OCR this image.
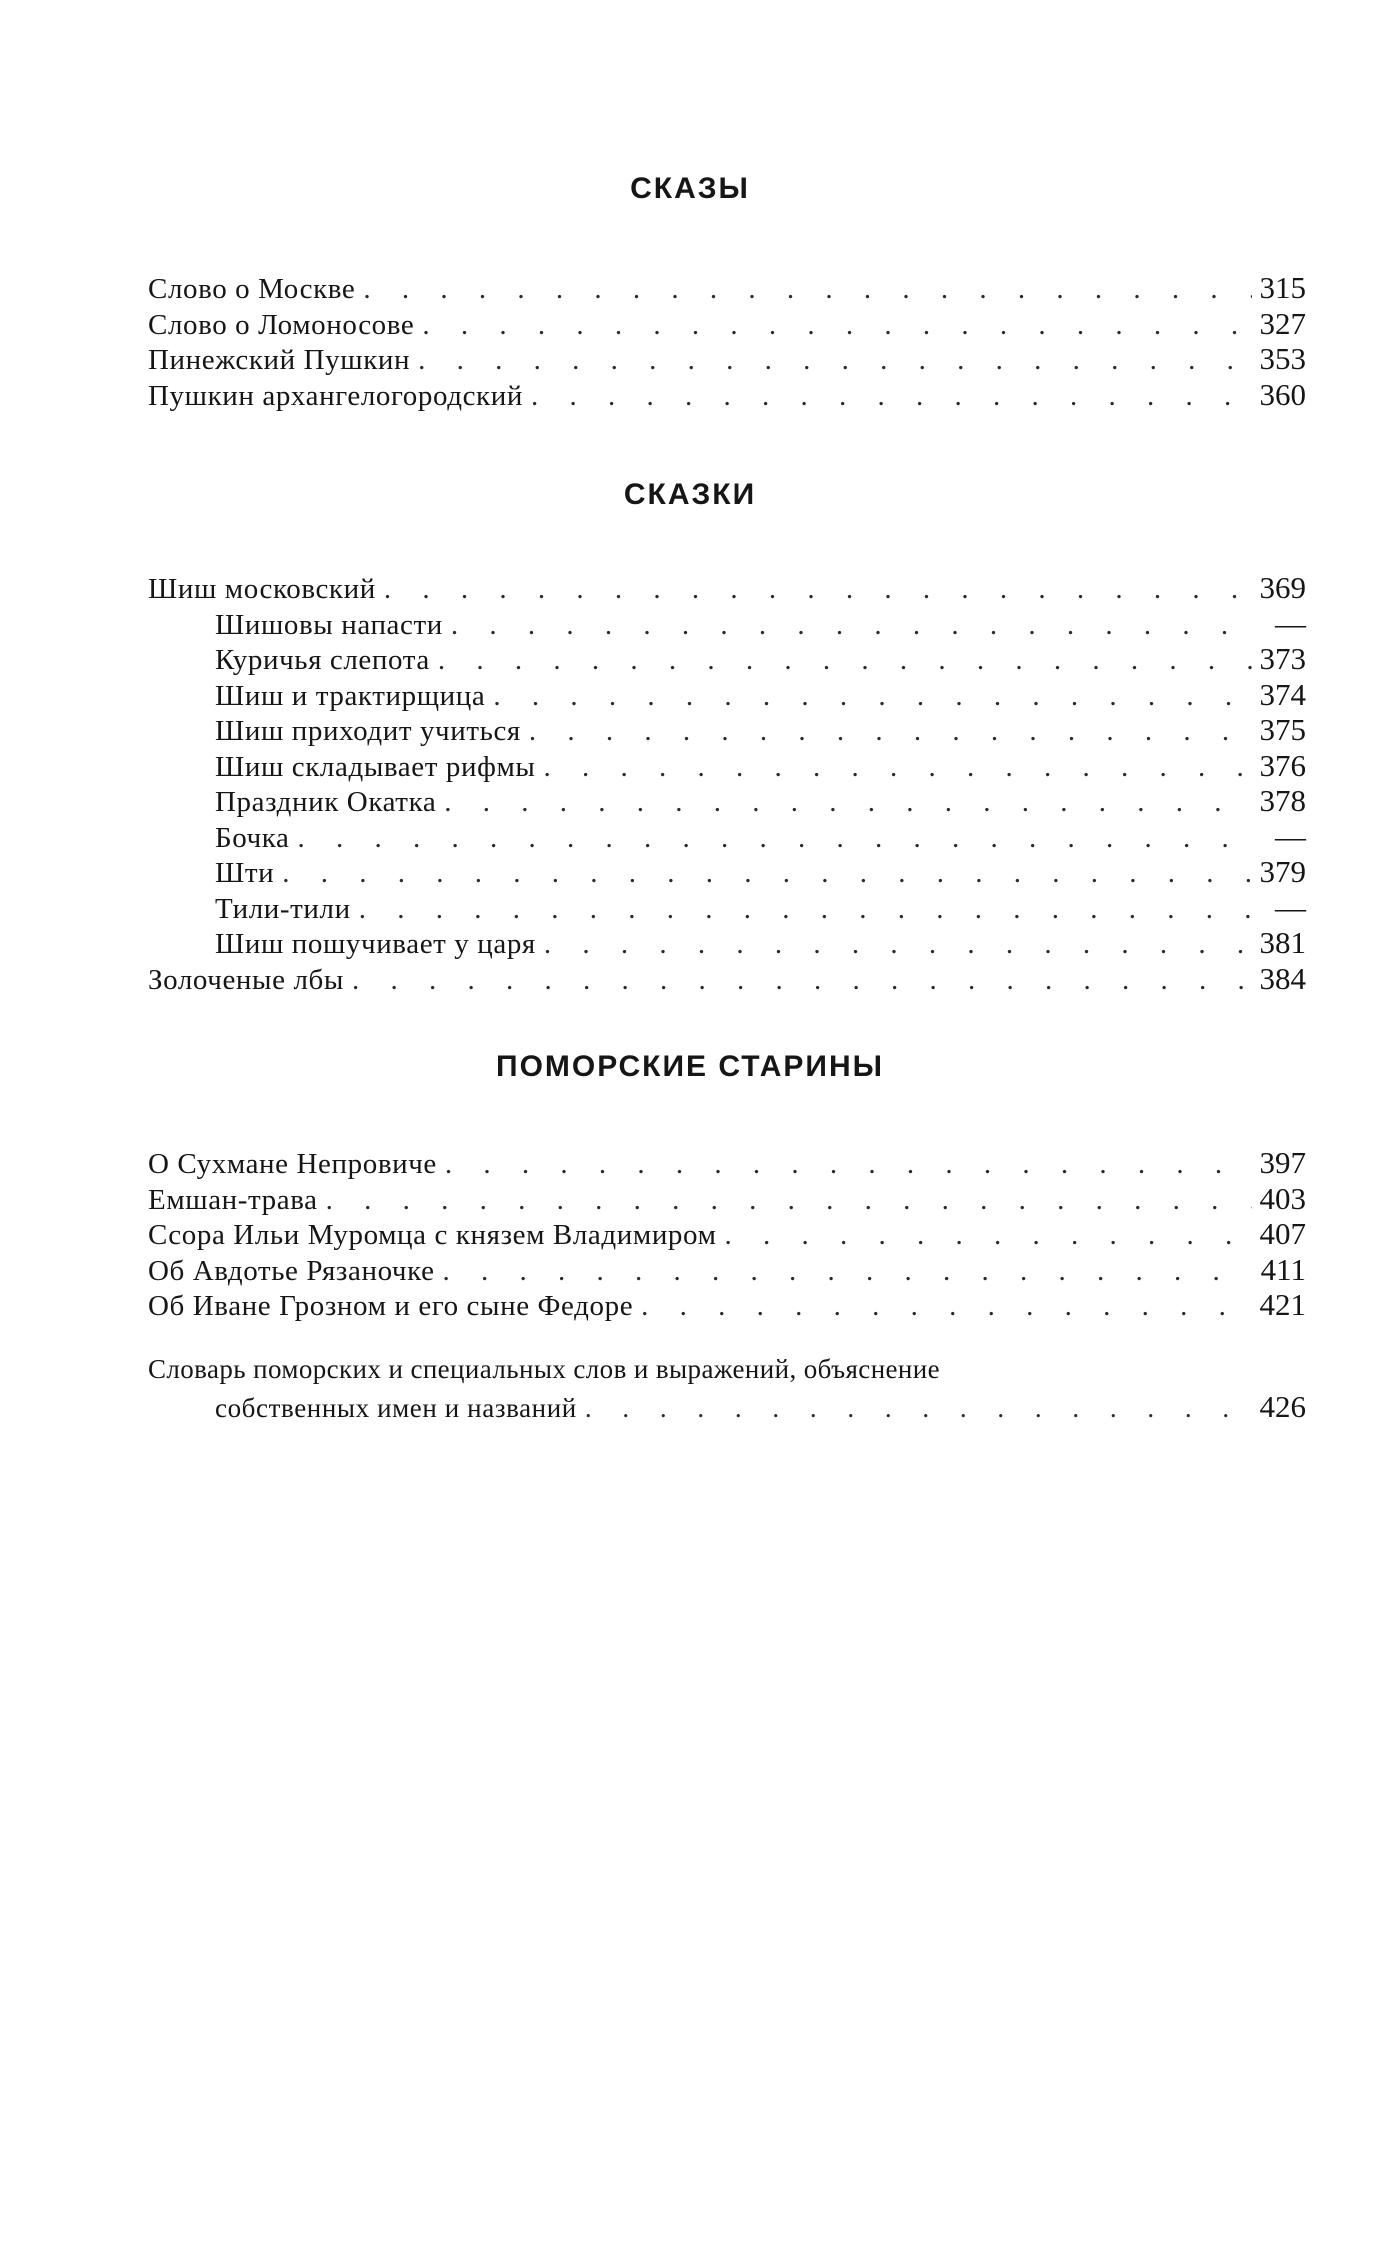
СКАЗЫ
Слово о Москве . . .	315
Слово о Ломоносове . . .	327
Пинежский Пушкин . . .	353
Пушкин архангелогородский . . .	360
СКАЗКИ
Шиш московский . . .	369
Шишовы напасти . . .	—
Куричья слепота . . .	373
Шиш и трактирщица . . .	374
Шиш приходит учиться . . .	375
Шиш складывает рифмы . . .	376
Праздник Окатка . . .	378
Бочка . . .	—
Шти . . .	379
Тили-тили . . .	—
Шиш пошучивает у царя . . .	381
Золоченые лбы . . .	384
ПОМОРСКИЕ СТАРИНЫ
О Сухмане Непровиче . . .	397
Емшан-трава . . .	403
Ссора Ильи Муромца с князем Владимиром . . .	407
Об Авдотье Рязаночке . . .	411
Об Иване Грозном и его сыне Федоре . . .	421
Словарь поморских и специальных слов и выражений, объяснение
собственных имен и названий . . .	426
